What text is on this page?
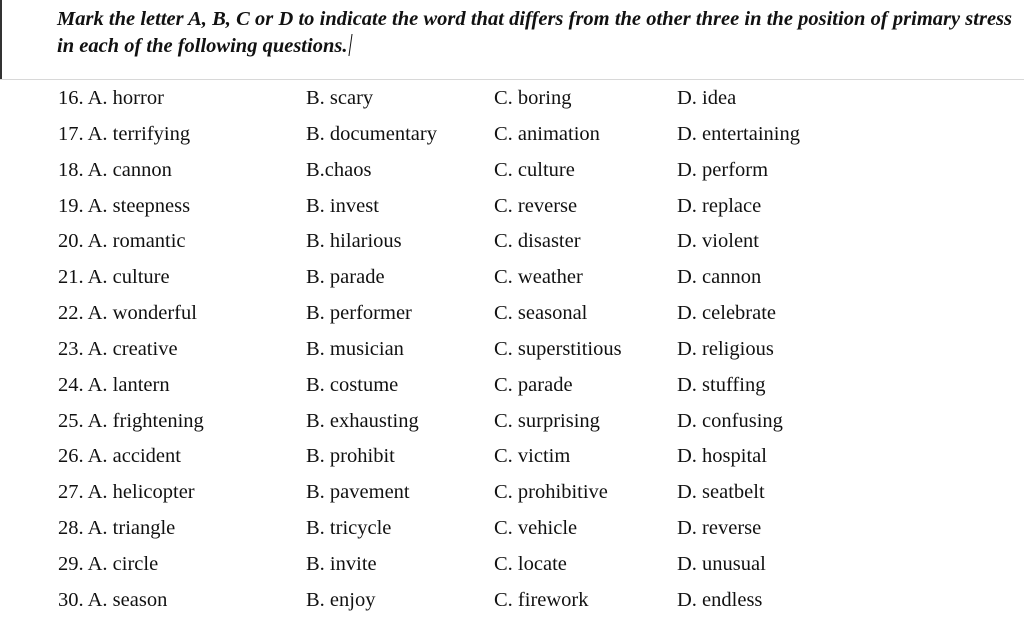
Mark the letter A, B, C or D to indicate the word that differs from the other three in the position of primary stress in each of the following questions.
16. A. horror	B. scary	C. boring	D. idea
17. A. terrifying	B. documentary	C. animation	D. entertaining
18. A. cannon	B.chaos	C. culture	D. perform
19. A. steepness	B. invest	C. reverse	D. replace
20. A. romantic	B. hilarious	C. disaster	D. violent
21. A. culture	B. parade	C. weather	D. cannon
22. A. wonderful	B. performer	C. seasonal	D. celebrate
23. A. creative	B. musician	C. superstitious	D. religious
24. A. lantern	B. costume	C. parade	D. stuffing
25. A. frightening	B. exhausting	C. surprising	D. confusing
26. A. accident	B. prohibit	C. victim	D. hospital
27. A. helicopter	B. pavement	C. prohibitive	D. seatbelt
28. A. triangle	B. tricycle	C. vehicle	D. reverse
29. A. circle	B. invite	C. locate	D. unusual
30. A. season	B. enjoy	C. firework	D. endless
